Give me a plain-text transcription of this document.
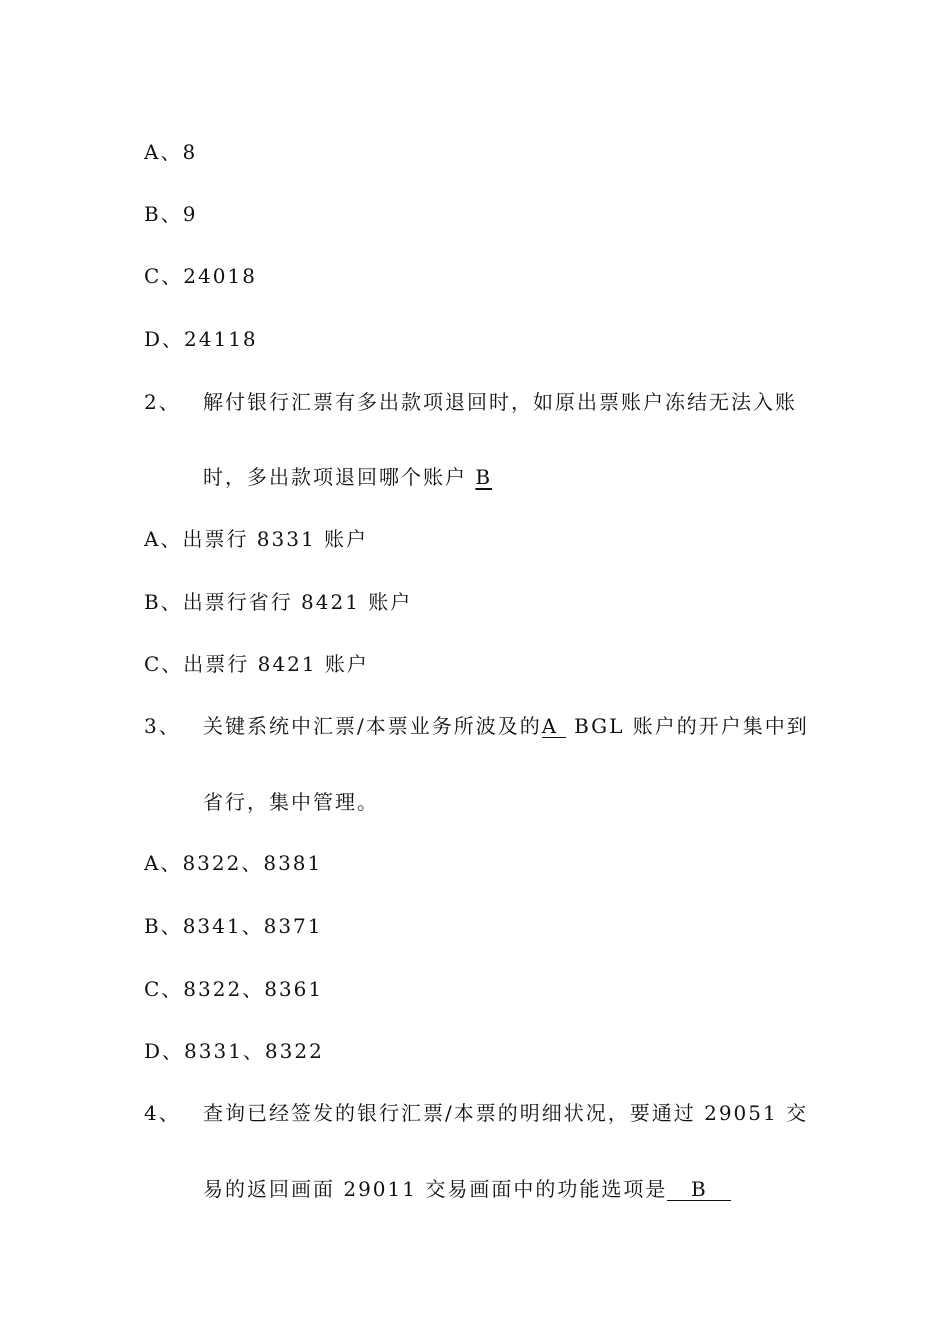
A、8
B、9
C、24018
D、24118
2、 解付银行汇票有多出款项退回时，如原出票账户冻结无法入账
时，多出款项退回哪个账户 B
A、出票行 8331 账户
B、出票行省行 8421 账户
C、出票行 8421 账户
3、 关键系统中汇票/本票业务所波及的A BGL 账户的开户集中到
省行，集中管理。
A、8322、8381
B、8341、8371
C、8322、8361
D、8331、8322
4、 查询已经签发的银行汇票/本票的明细状况，要通过 29051 交
易的返回画面 29011 交易画面中的功能选项是 B
